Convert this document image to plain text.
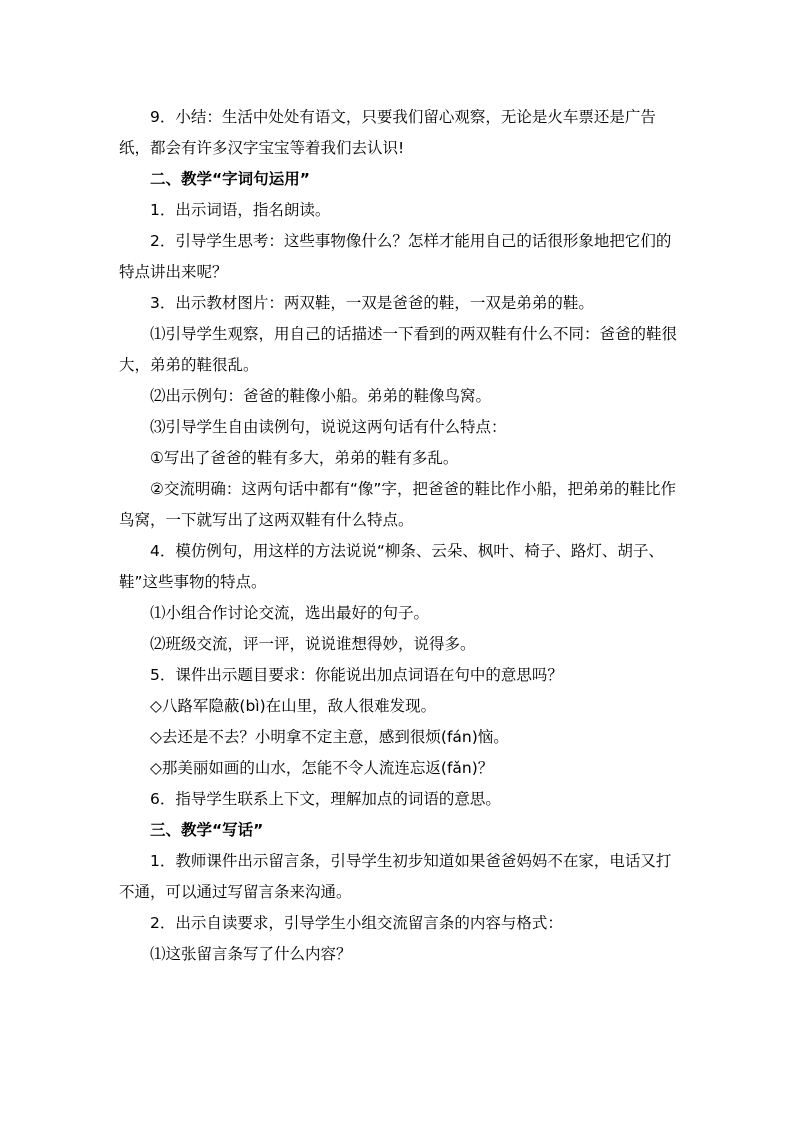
9．小结：生活中处处有语文，只要我们留心观察，无论是火车票还是广告纸，都会有许多汉字宝宝等着我们去认识!

二、教学“字词句运用”

1．出示词语，指名朗读。

2．引导学生思考：这些事物像什么？怎样才能用自己的话很形象地把它们的特点讲出来呢？

3．出示教材图片：两双鞋，一双是爸爸的鞋，一双是弟弟的鞋。

⑴引导学生观察，用自己的话描述一下看到的两双鞋有什么不同：爸爸的鞋很大，弟弟的鞋很乱。

⑵出示例句：爸爸的鞋像小船。弟弟的鞋像鸟窝。

⑶引导学生自由读例句，说说这两句话有什么特点：

①写出了爸爸的鞋有多大，弟弟的鞋有多乱。

②交流明确：这两句话中都有“像”字，把爸爸的鞋比作小船，把弟弟的鞋比作鸟窝，一下就写出了这两双鞋有什么特点。

4．模仿例句，用这样的方法说说“柳条、云朵、枫叶、椅子、路灯、胡子、鞋”这些事物的特点。

⑴小组合作讨论交流，选出最好的句子。

⑵班级交流，评一评，说说谁想得妙，说得多。

5．课件出示题目要求：你能说出加点词语在句中的意思吗？

◇八路军隐蔽(bì)在山里，敌人很难发现。

◇去还是不去？小明拿不定主意，感到很烦(fán)恼。

◇那美丽如画的山水，怎能不令人流连忘返(fǎn)？

6．指导学生联系上下文，理解加点的词语的意思。

三、教学“写话”

1．教师课件出示留言条，引导学生初步知道如果爸爸妈妈不在家，电话又打不通，可以通过写留言条来沟通。

2．出示自读要求，引导学生小组交流留言条的内容与格式：

⑴这张留言条写了什么内容？
